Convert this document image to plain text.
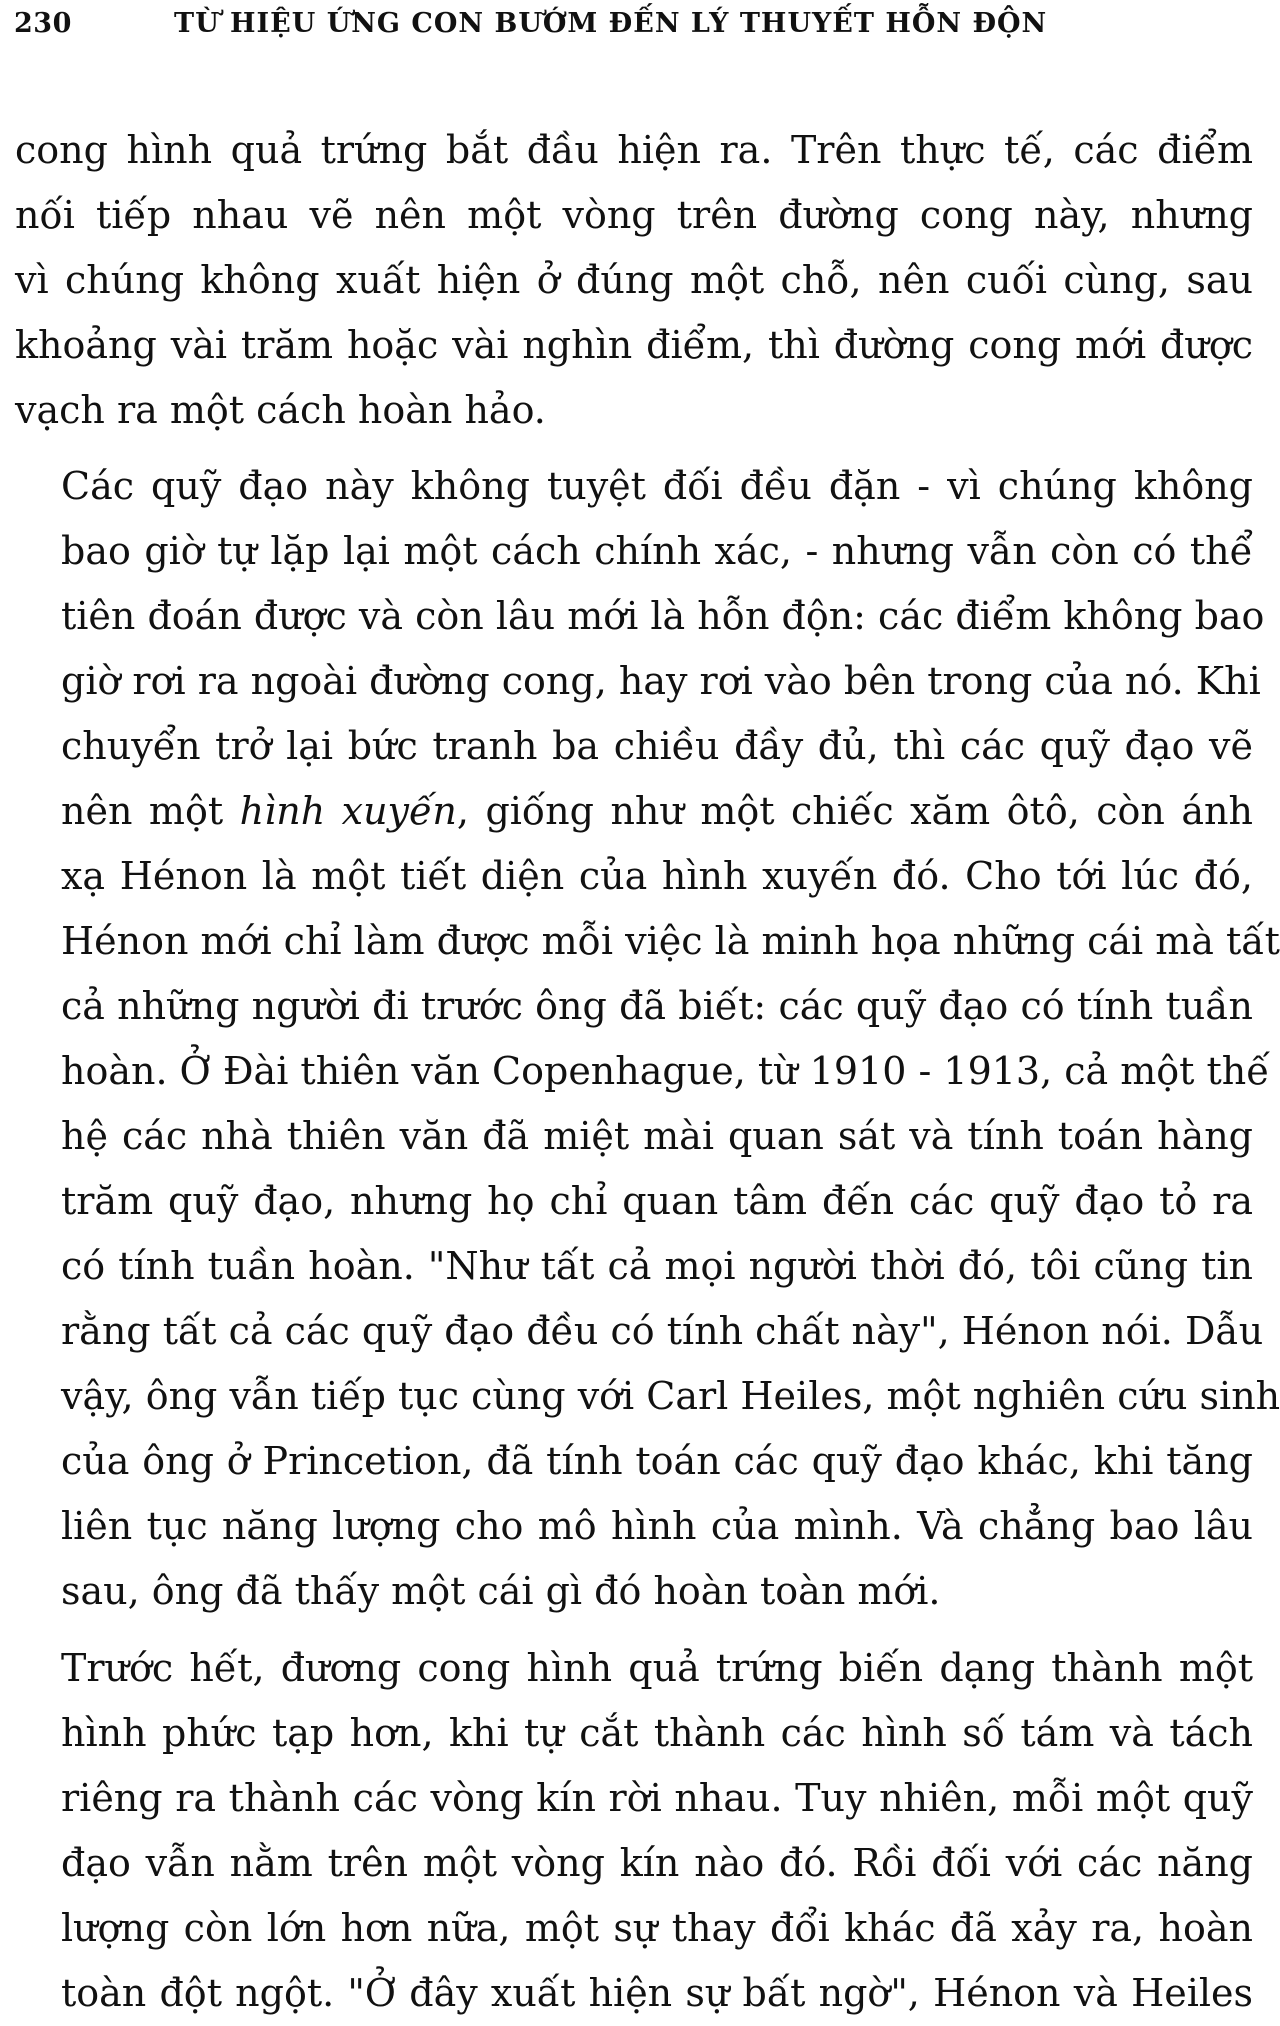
230	TỪ HIỆU ỨNG CON BƯỚM ĐẾN LÝ THUYẾT HỖN ĐỘN

cong hình quả trứng bắt đầu hiện ra. Trên thực tế, các điểm
nối tiếp nhau vẽ nên một vòng trên đường cong này, nhưng
vì chúng không xuất hiện ở đúng một chỗ, nên cuối cùng, sau
khoảng vài trăm hoặc vài nghìn điểm, thì đường cong mới được
vạch ra một cách hoàn hảo.

Các quỹ đạo này không tuyệt đối đều đặn - vì chúng không
bao giờ tự lặp lại một cách chính xác, - nhưng vẫn còn có thể
tiên đoán được và còn lâu mới là hỗn độn: các điểm không bao
giờ rơi ra ngoài đường cong, hay rơi vào bên trong của nó. Khi
chuyển trở lại bức tranh ba chiều đầy đủ, thì các quỹ đạo vẽ
nên một hình xuyến, giống như một chiếc xăm ôtô, còn ánh
xạ Hénon là một tiết diện của hình xuyến đó. Cho tới lúc đó,
Hénon mới chỉ làm được mỗi việc là minh họa những cái mà tất
cả những người đi trước ông đã biết: các quỹ đạo có tính tuần
hoàn. Ở Đài thiên văn Copenhague, từ 1910 - 1913, cả một thế
hệ các nhà thiên văn đã miệt mài quan sát và tính toán hàng
trăm quỹ đạo, nhưng họ chỉ quan tâm đến các quỹ đạo tỏ ra
có tính tuần hoàn. "Như tất cả mọi người thời đó, tôi cũng tin
rằng tất cả các quỹ đạo đều có tính chất này", Hénon nói. Dẫu
vậy, ông vẫn tiếp tục cùng với Carl Heiles, một nghiên cứu sinh
của ông ở Princetion, đã tính toán các quỹ đạo khác, khi tăng
liên tục năng lượng cho mô hình của mình. Và chẳng bao lâu
sau, ông đã thấy một cái gì đó hoàn toàn mới.

Trước hết, đương cong hình quả trứng biến dạng thành một
hình phức tạp hơn, khi tự cắt thành các hình số tám và tách
riêng ra thành các vòng kín rời nhau. Tuy nhiên, mỗi một quỹ
đạo vẫn nằm trên một vòng kín nào đó. Rồi đối với các năng
lượng còn lớn hơn nữa, một sự thay đổi khác đã xảy ra, hoàn
toàn đột ngột. "Ở đây xuất hiện sự bất ngờ", Hénon và Heiles
